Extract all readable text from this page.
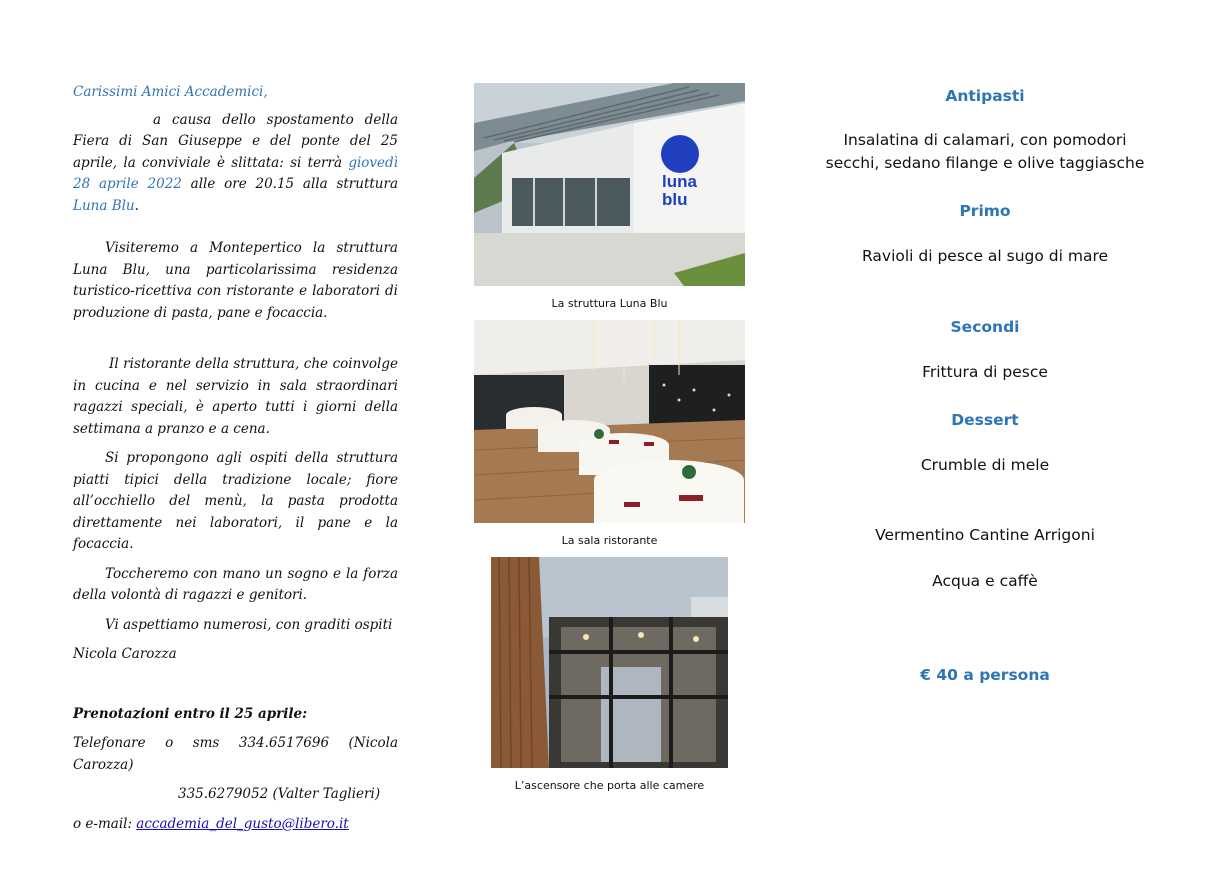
Carissimi Amici Accademici,

a causa dello spostamento della Fiera di San Giuseppe e del ponte del 25 aprile, la conviviale è slittata: si terrà giovedì 28 aprile 2022 alle ore 20.15 alla struttura Luna Blu.

Visiteremo a Montepertico la struttura Luna Blu, una particolarissima residenza turistico-ricettiva con ristorante e laboratori di produzione di pasta, pane e focaccia.

Il ristorante della struttura, che coinvolge in cucina e nel servizio in sala straordinari ragazzi speciali, è aperto tutti i giorni della settimana a pranzo e a cena.

Si propongono agli ospiti della struttura piatti tipici della tradizione locale; fiore all’occhiello del menù, la pasta prodotta direttamente nei laboratori, il pane e la focaccia.

Toccheremo con mano un sogno e la forza della volontà di ragazzi e genitori.

Vi aspettiamo numerosi, con graditi ospiti

Nicola Carozza

Prenotazioni entro il 25 aprile:

Telefonare o sms 334.6517696 (Nicola Carozza)

335.6279052 (Valter Taglieri)

o e-mail: accademia_del_gusto@libero.it

luna
blu
La struttura Luna Blu
La sala ristorante
L’ascensore che porta alle camere
Antipasti
Insalatina di calamari, con pomodori
secchi, sedano filange e olive taggiasche
Primo
Ravioli di pesce al sugo di mare
Secondi
Frittura di pesce
Dessert
Crumble di mele
Vermentino Cantine Arrigoni
Acqua e caffè
€ 40 a persona
